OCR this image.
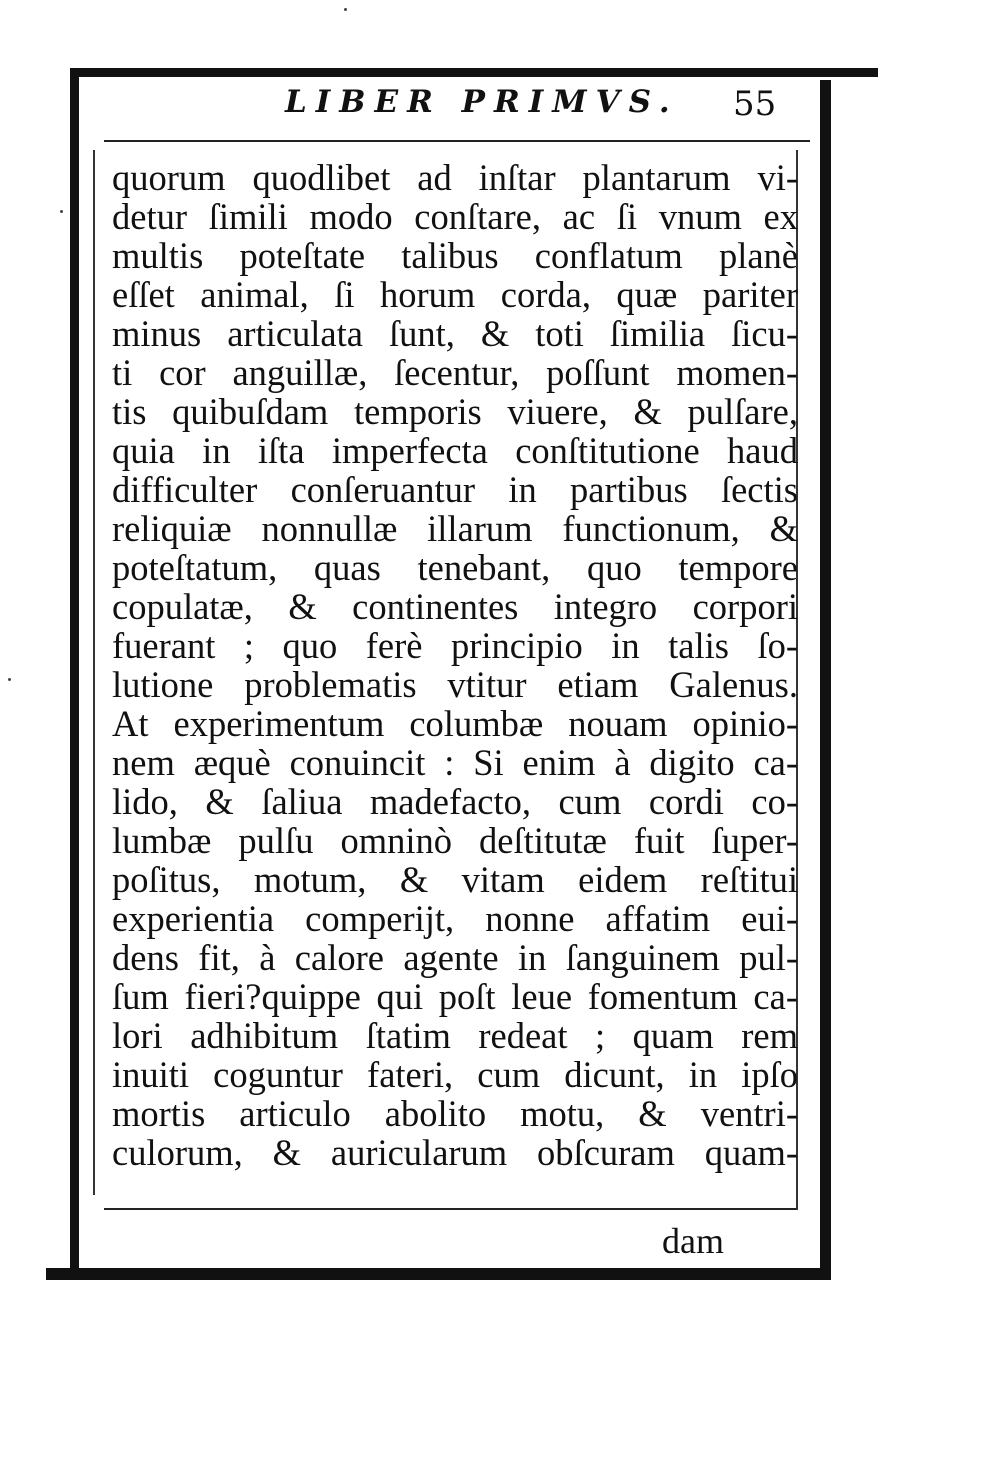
LIBER PRIMVS. 55
quorum quodlibet ad inſtar plantarum vi-
detur ſimili modo conſtare, ac ſi vnum ex
multis poteſtate talibus conflatum planè
eſſet animal, ſi horum corda, quæ pariter
minus articulata ſunt, & toti ſimilia ſicu-
ti cor anguillæ, ſecentur, poſſunt momen-
tis quibuſdam temporis viuere, & pulſare,
quia in iſta imperfecta conſtitutione haud
difficulter conſeruantur in partibus ſectis
reliquiæ nonnullæ illarum functionum, &
poteſtatum, quas tenebant, quo tempore
copulatæ, & continentes integro corpori
fuerant ; quo ferè principio in talis ſo-
lutione problematis vtitur etiam Galenus.
At experimentum columbæ nouam opinio-
nem æquè conuincit : Si enim à digito ca-
lido, & ſaliua madefacto, cum cordi co-
lumbæ pulſu omninò deſtitutæ fuit ſuper-
poſitus, motum, & vitam eidem reſtitui
experientia comperijt, nonne affatim eui-
dens fit, à calore agente in ſanguinem pul-
ſum fieri?quippe qui poſt leue fomentum ca-
lori adhibitum ſtatim redeat ; quam rem
inuiti coguntur fateri, cum dicunt, in ipſo
mortis articulo abolito motu, & ventri-
culorum, & auricularum obſcuram quam-
dam
